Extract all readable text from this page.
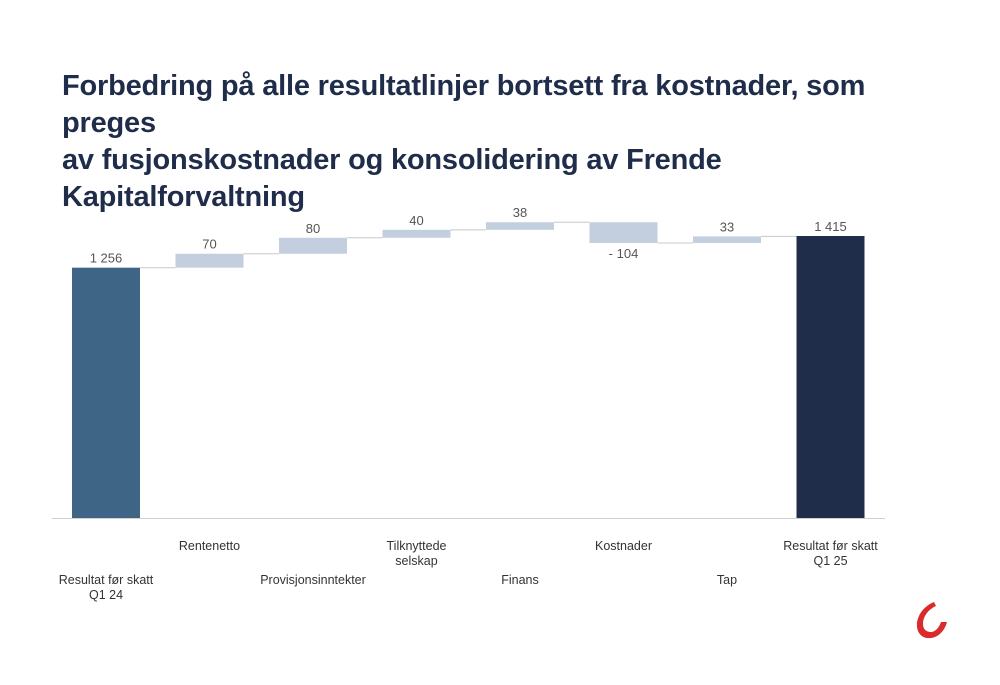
Forbedring på alle resultatlinjer bortsett fra kostnader, som preges
av fusjonskostnader og konsolidering av Frende Kapitalforvaltning
1 256
Resultat før skatt
Q1 24
70
Rentenetto
80
Provisjonsinntekter
40
Tilknyttede
selskap
38
Finans
- 104
Kostnader
33
Tap
1 415
Resultat før skatt
Q1 25
